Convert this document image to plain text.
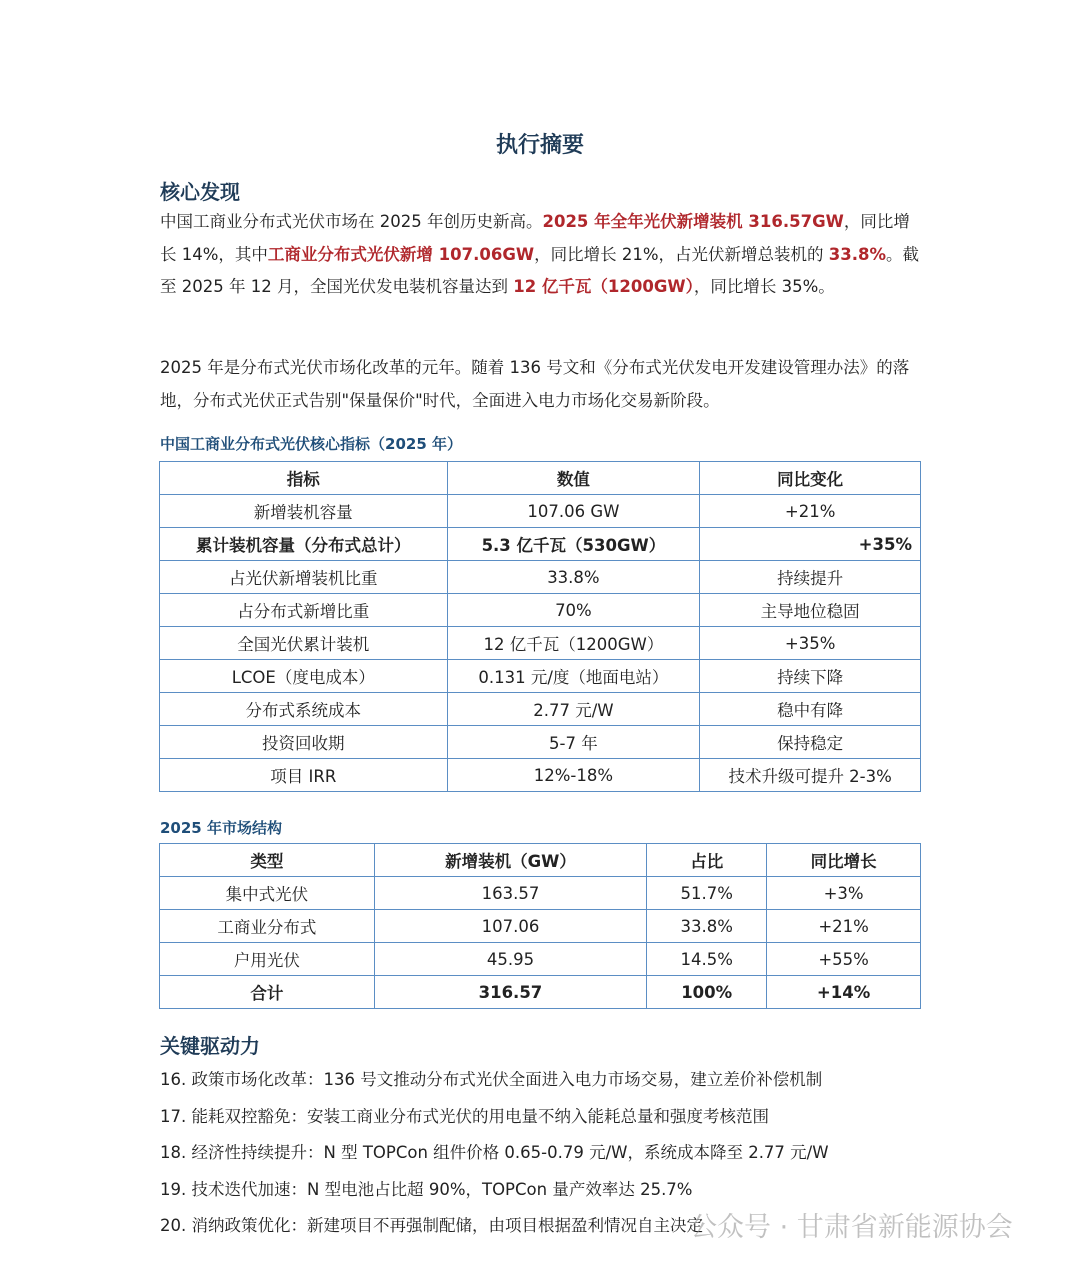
执行摘要
核心发现
中国工商业分布式光伏市场在 2025 年创历史新高。2025 年全年光伏新增装机 316.57GW，同比增长 14%，其中工商业分布式光伏新增 107.06GW，同比增长 21%，占光伏新增总装机的 33.8%。截至 2025 年 12 月，全国光伏发电装机容量达到 12 亿千瓦（1200GW），同比增长 35%。
2025 年是分布式光伏市场化改革的元年。随着 136 号文和《分布式光伏发电开发建设管理办法》的落地，分布式光伏正式告别"保量保价"时代，全面进入电力市场化交易新阶段。
中国工商业分布式光伏核心指标（2025 年）
指标	数值	同比变化
新增装机容量	107.06 GW	+21%
累计装机容量（分布式总计）	5.3 亿千瓦（530GW）	+35%
占光伏新增装机比重	33.8%	持续提升
占分布式新增比重	70%	主导地位稳固
全国光伏累计装机	12 亿千瓦（1200GW）	+35%
LCOE（度电成本）	0.131 元/度（地面电站）	持续下降
分布式系统成本	2.77 元/W	稳中有降
投资回收期	5-7 年	保持稳定
项目 IRR	12%-18%	技术升级可提升 2-3%
2025 年市场结构
类型	新增装机（GW）	占比	同比增长
集中式光伏	163.57	51.7%	+3%
工商业分布式	107.06	33.8%	+21%
户用光伏	45.95	14.5%	+55%
合计	316.57	100%	+14%
关键驱动力
16. 政策市场化改革：136 号文推动分布式光伏全面进入电力市场交易，建立差价补偿机制
17. 能耗双控豁免：安装工商业分布式光伏的用电量不纳入能耗总量和强度考核范围
18. 经济性持续提升：N 型 TOPCon 组件价格 0.65-0.79 元/W，系统成本降至 2.77 元/W
19. 技术迭代加速：N 型电池占比超 90%，TOPCon 量产效率达 25.7%
20. 消纳政策优化：新建项目不再强制配储，由项目根据盈利情况自主决定
公众号 · 甘肃省新能源协会
